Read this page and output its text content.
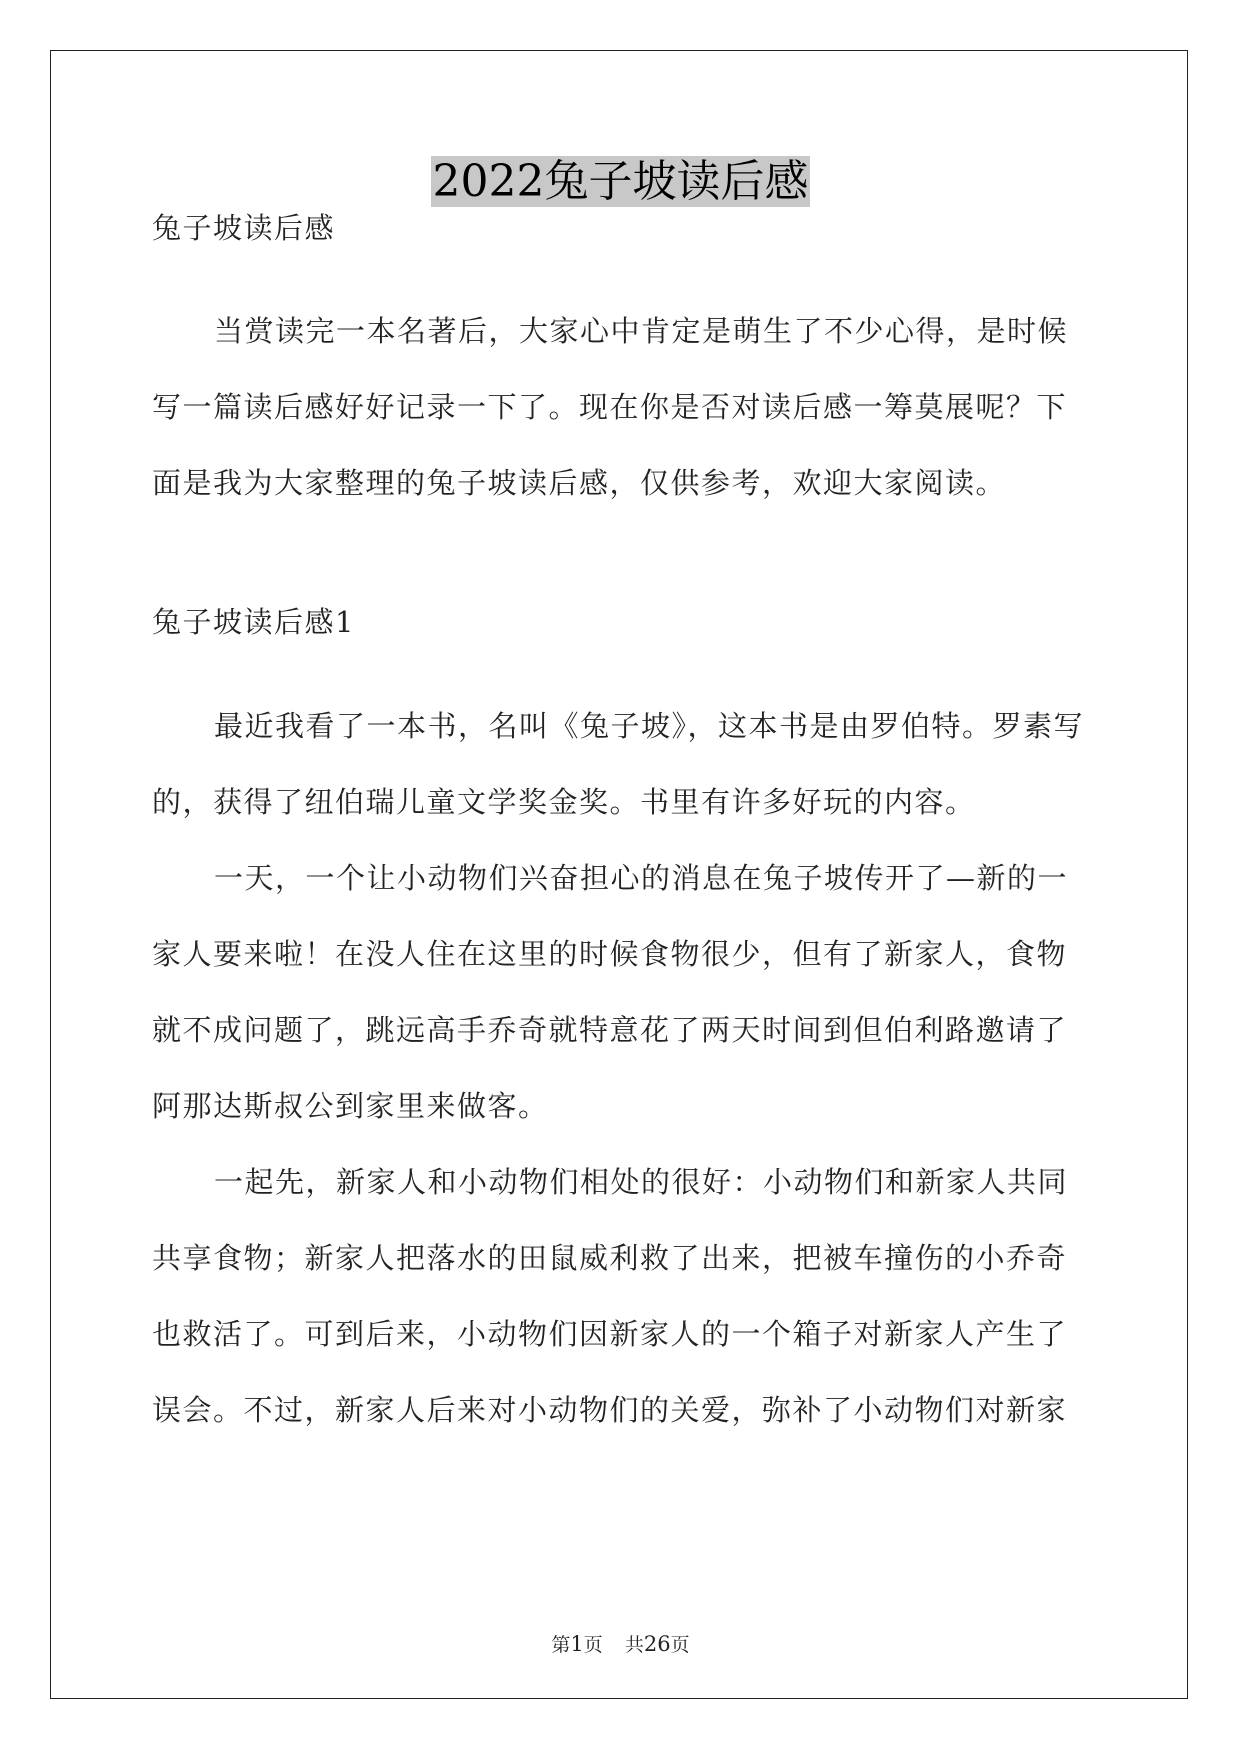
2022兔子坡读后感

兔子坡读后感

当赏读完一本名著后，大家心中肯定是萌生了不少心得，是时候写一篇读后感好好记录一下了。现在你是否对读后感一筹莫展呢？下面是我为大家整理的兔子坡读后感，仅供参考，欢迎大家阅读。

兔子坡读后感1

最近我看了一本书，名叫《兔子坡》，这本书是由罗伯特。罗素写的，获得了纽伯瑞儿童文学奖金奖。书里有许多好玩的内容。

一天，一个让小动物们兴奋担心的消息在兔子坡传开了—新的一家人要来啦！在没人住在这里的时候食物很少，但有了新家人，食物就不成问题了，跳远高手乔奇就特意花了两天时间到但伯利路邀请了阿那达斯叔公到家里来做客。

一起先，新家人和小动物们相处的很好：小动物们和新家人共同共享食物；新家人把落水的田鼠威利救了出来，把被车撞伤的小乔奇也救活了。可到后来，小动物们因新家人的一个箱子对新家人产生了误会。不过，新家人后来对小动物们的关爱，弥补了小动物们对新家

第1页 共26页
